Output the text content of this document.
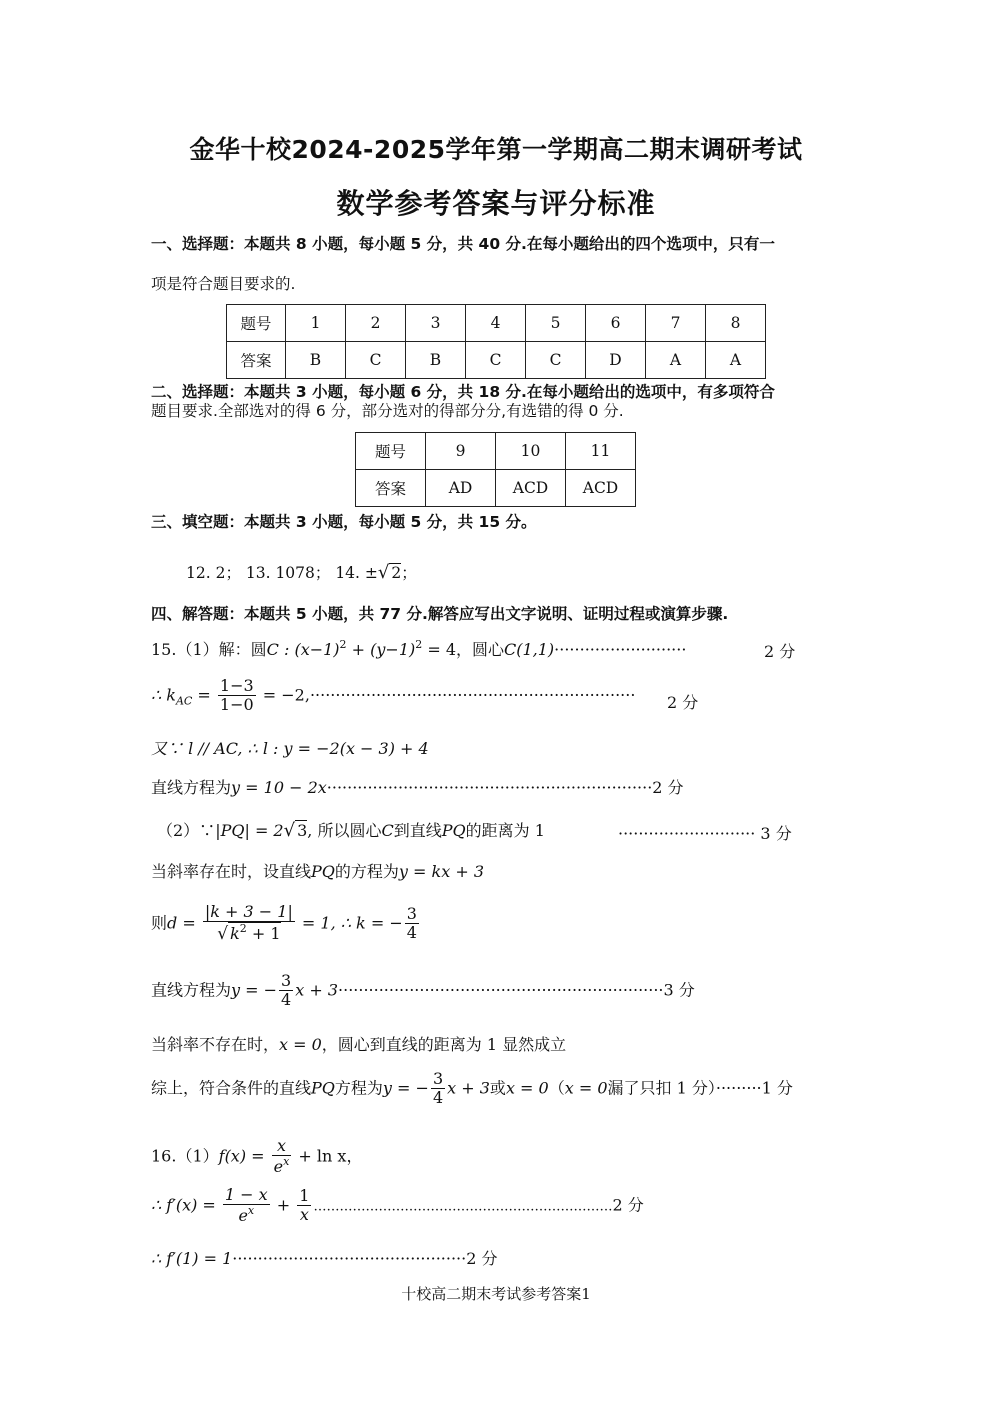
金华十校2024-2025学年第一学期高二期末调研考试
数学参考答案与评分标准
一、选择题：本题共 8 小题，每小题 5 分，共 40 分.在每小题给出的四个选项中，只有一
项是符合题目要求的.
题号	1	2	3	4	5	6	7	8
答案	B	C	B	C	C	D	A	A
二、选择题：本题共 3 小题，每小题 6 分，共 18 分.在每小题给出的选项中，有多项符合
题目要求.全部选对的得 6 分，部分选对的得部分分,有选错的得 0 分.
题号	9	10	11
答案	AD	ACD	ACD
三、填空题：本题共 3 小题，每小题 5 分，共 15 分。
12. 2； 13. 1078； 14. ±√ 2；
四、解答题：本题共 5 小题，共 77 分.解答应写出文字说明、证明过程或演算步骤.
15.（1）解：圆C : $(x-1)^2 + (y-1)^2 = 4$，圆心C(1,1)··························	2 分
∴ $k_{AC} = \frac{1-3}{1-0} = -2,\cdot\cdot\cdot\cdot\cdot\cdot\cdot\cdot\cdot\cdot\cdot\cdot\cdot\cdot\cdot\cdot\cdot\cdot\cdot\cdot\cdot\cdot\cdot\cdot\cdot\cdot\cdot\cdot\cdot\cdot\cdot\cdot\cdot\cdot\cdot\cdot\cdot\cdot\cdot\cdot\cdot\cdot\cdot\cdot\cdot\cdot\cdot\cdot\cdot\cdot\cdot\cdot\cdot\cdot\cdot\cdot\cdot\cdot\cdot\cdot\cdot\cdot\cdot\cdot 2$ 分
又∵ l // AC, ∴ l : y = −2(x − 3) + 4
直线方程为y = 10 − 2x································································2 分
（2）∵|PQ| = 2√ 3, 所以圆心C到直线PQ的距离为 1	··························· 3 分
当斜率存在时，设直线PQ的方程为y = kx + 3
则$d = \frac{|k + 3 - 1|}{√ k^2 + 1} = 1$, ∴ k = − $\frac{3}{4}$
直线方程为y = − $\frac{3}{4}$ x + 3································································3 分
当斜率不存在时，x = 0，圆心到直线的距离为 1 显然成立
综上，符合条件的直线PQ方程为y = − $\frac{3}{4}$ x + 3或x = 0（x = 0漏了只扣 1 分）·········1 分
$16.(1)f(x) = \frac{x}{e^x} + \ln x$，
∴ $f'(x) = \frac{1 - x}{e^x} + \frac{1}{x}$ ……………………………………………………………2 分
∴ f′(1) = 1··············································2 分
十校高二期末考试参考答案1
